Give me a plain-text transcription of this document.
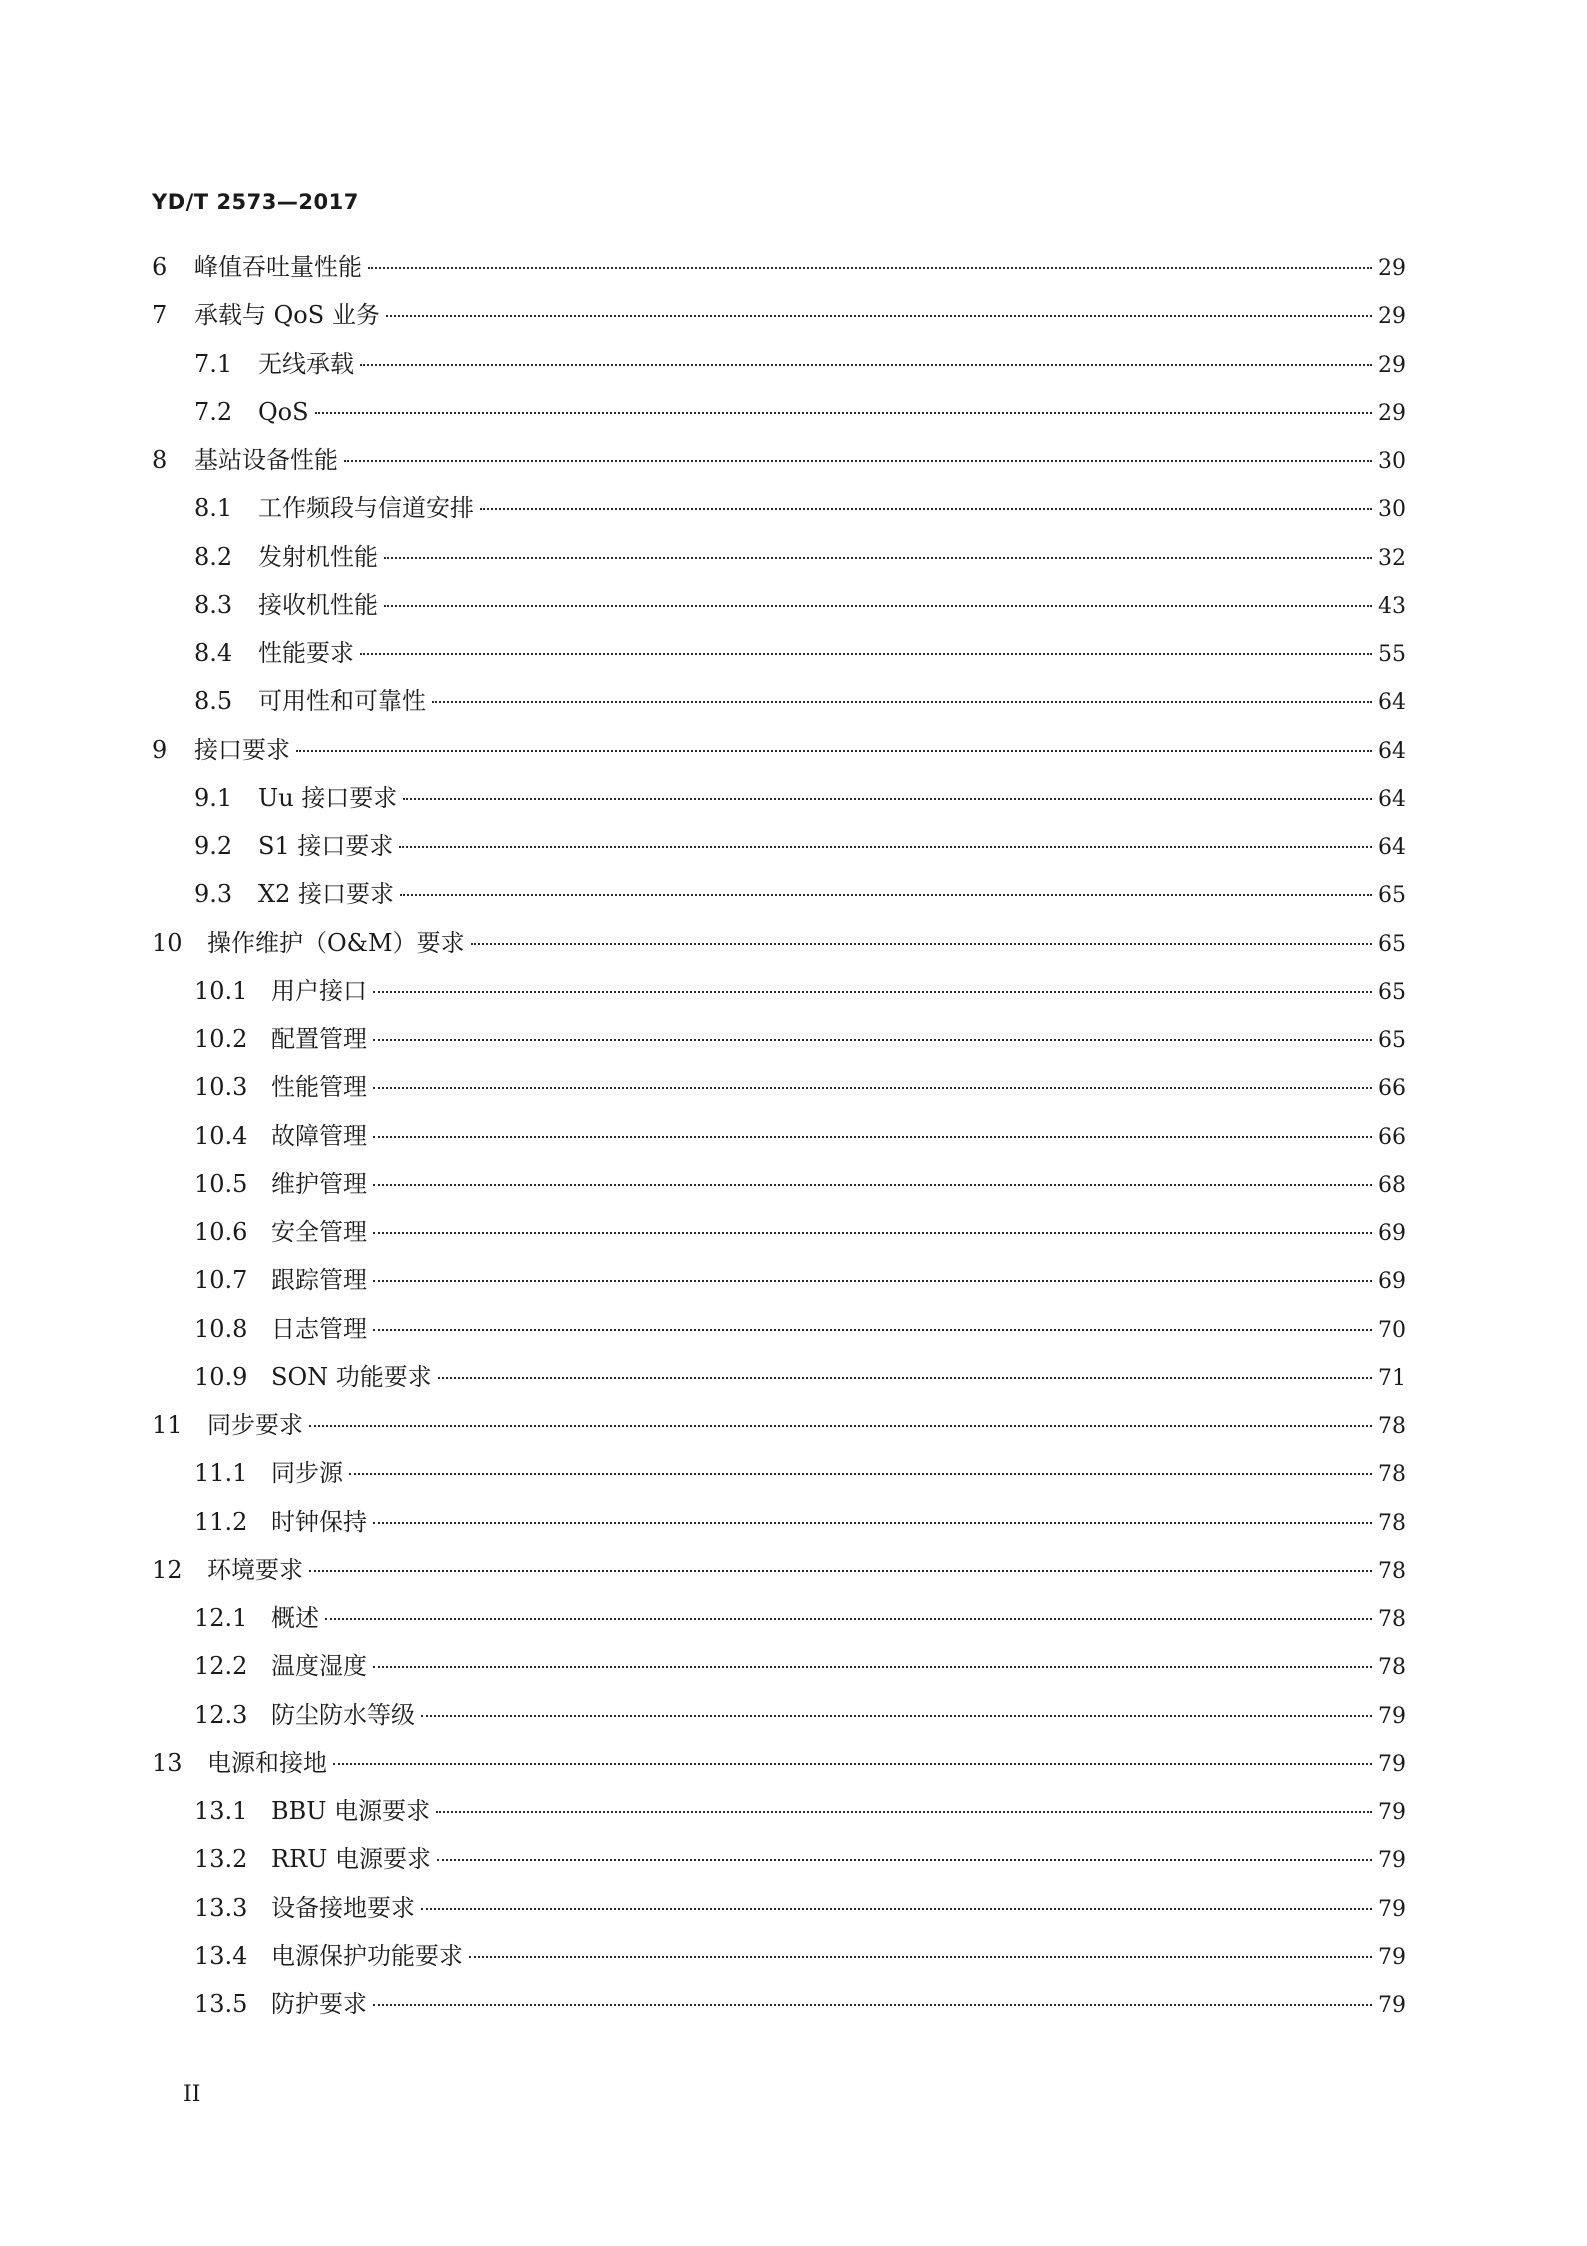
YD/T 2573—2017
6	峰值吞吐量性能	29
7	承载与 QoS 业务	29
7.1	无线承载	29
7.2	QoS	29
8	基站设备性能	30
8.1	工作频段与信道安排	30
8.2	发射机性能	32
8.3	接收机性能	43
8.4	性能要求	55
8.5	可用性和可靠性	64
9	接口要求	64
9.1	Uu 接口要求	64
9.2	S1 接口要求	64
9.3	X2 接口要求	65
10	操作维护（O&M）要求	65
10.1 用户接口	65
10.2 配置管理	65
10.3 性能管理	66
10.4 故障管理	66
10.5 维护管理	68
10.6 安全管理	69
10.7 跟踪管理	69
10.8 日志管理	70
10.9 SON 功能要求	71
11	同步要求	78
11.1 同步源	78
11.2 时钟保持	78
12	环境要求	78
12.1 概述	78
12.2 温度湿度	78
12.3 防尘防水等级	79
13	电源和接地	79
13.1 BBU 电源要求	79
13.2 RRU 电源要求	79
13.3 设备接地要求	79
13.4 电源保护功能要求	79
13.5 防护要求	79
II
